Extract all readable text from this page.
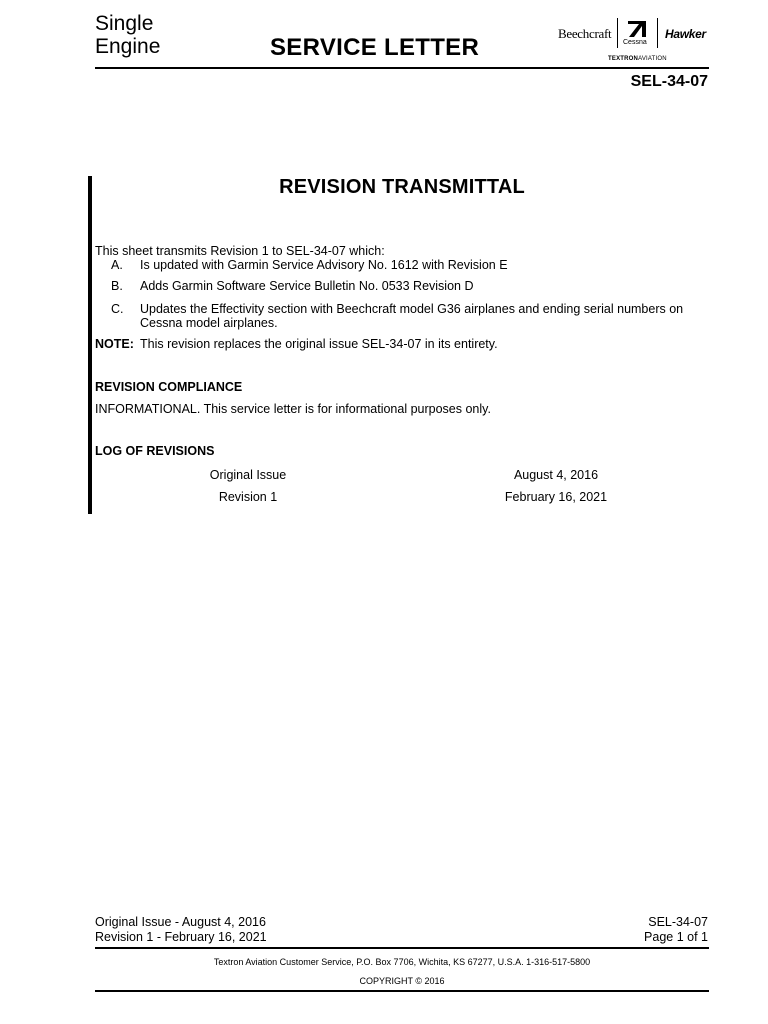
Single
Engine	SERVICE LETTER
Beechcraft
Cessna
Hawker
TEXTRONAVIATION
SEL-34-07
REVISION TRANSMITTAL
This sheet transmits Revision 1 to SEL-34-07 which:
A. Is updated with Garmin Service Advisory No. 1612 with Revision E
B. Adds Garmin Software Service Bulletin No. 0533 Revision D
C. Updates the Effectivity section with Beechcraft model G36 airplanes and ending serial numbers on Cessna model airplanes.
NOTE: This revision replaces the original issue SEL-34-07 in its entirety.
REVISION COMPLIANCE
INFORMATIONAL. This service letter is for informational purposes only.
LOG OF REVISIONS
Original Issue	August 4, 2016
Revision 1	February 16, 2021
Original Issue - August 4, 2016
Revision 1 - February 16, 2021
SEL-34-07
Page 1 of 1
Textron Aviation Customer Service, P.O. Box 7706, Wichita, KS 67277, U.S.A. 1-316-517-5800
COPYRIGHT © 2016
